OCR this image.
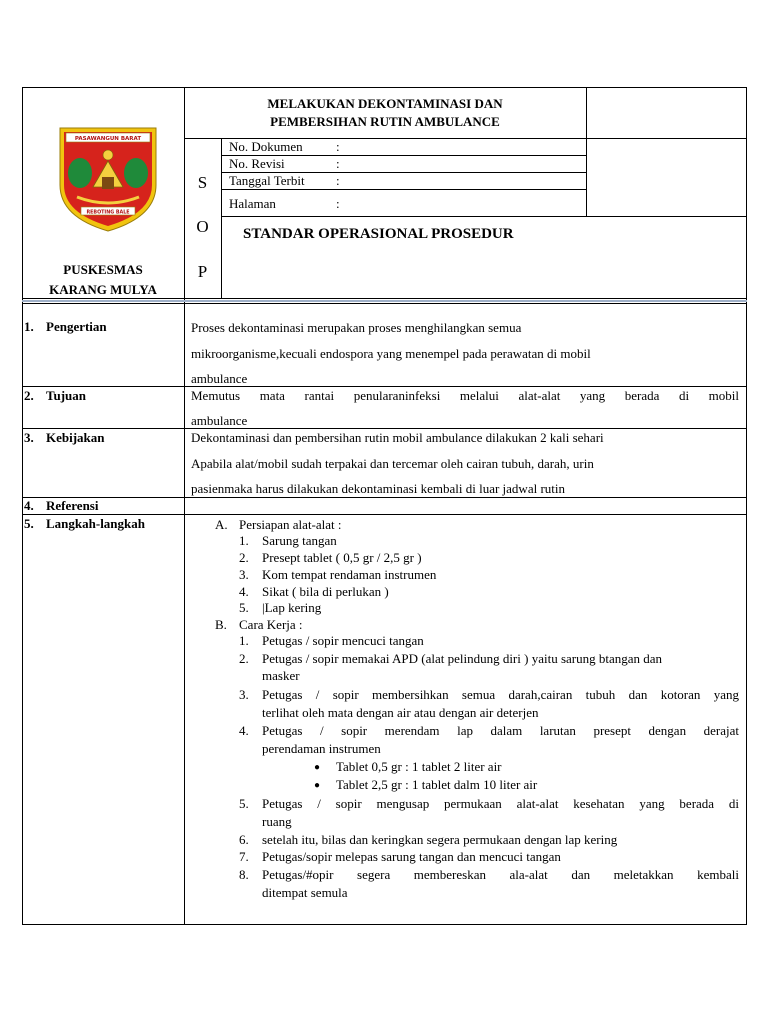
PASAWANGUN BARAT
REBOTING BALE
PUSKESMAS
KARANG MULYA
MELAKUKAN DEKONTAMINASI DAN
PEMBERSIHAN RUTIN AMBULANCE
S
O
P
No. Dokumen	:
No. Revisi	:
Tanggal Terbit :
Halaman	:
STANDAR OPERASIONAL PROSEDUR
1. Pengertian	Proses dekontaminasi merupakan proses menghilangkan semua
mikroorganisme,kecuali endospora yang menempel pada perawatan di mobil
ambulance
2. Tujuan	Memutus mata rantai penularaninfeksi melalui alat-alat yang berada di mobil
ambulance
3. Kebijakan	Dekontaminasi dan pembersihan rutin mobil ambulance dilakukan 2 kali sehari
Apabila alat/mobil sudah terpakai dan tercemar oleh cairan tubuh, darah, urin
pasienmaka harus dilakukan dekontaminasi kembali di luar jadwal rutin
4. Referensi
5. Langkah-langkah	A. Persiapan alat-alat :
1. Sarung tangan
2. Presept tablet ( 0,5 gr / 2,5 gr )
3. Kom tempat rendaman instrumen
4. Sikat ( bila di perlukan )
5. |Lap kering
B. Cara Kerja :
1. Petugas / sopir mencuci tangan
2. Petugas / sopir memakai APD (alat pelindung diri ) yaitu sarung btangan dan
masker
3. Petugas / sopir membersihkan semua darah,cairan tubuh dan kotoran yang
terlihat oleh mata dengan air atau dengan air deterjen
4. Petugas / sopir merendam lap dalam larutan presept dengan derajat
perendaman instrumen
● Tablet 0,5 gr : 1 tablet 2 liter air
● Tablet 2,5 gr : 1 tablet dalm 10 liter air
5. Petugas / sopir mengusap permukaan alat-alat kesehatan yang berada di
ruang
6. setelah itu, bilas dan keringkan segera permukaan dengan lap kering
7. Petugas/sopir melepas sarung tangan dan mencuci tangan
8. Petugas/#opir segera membereskan ala-alat dan meletakkan kembali
ditempat semula
